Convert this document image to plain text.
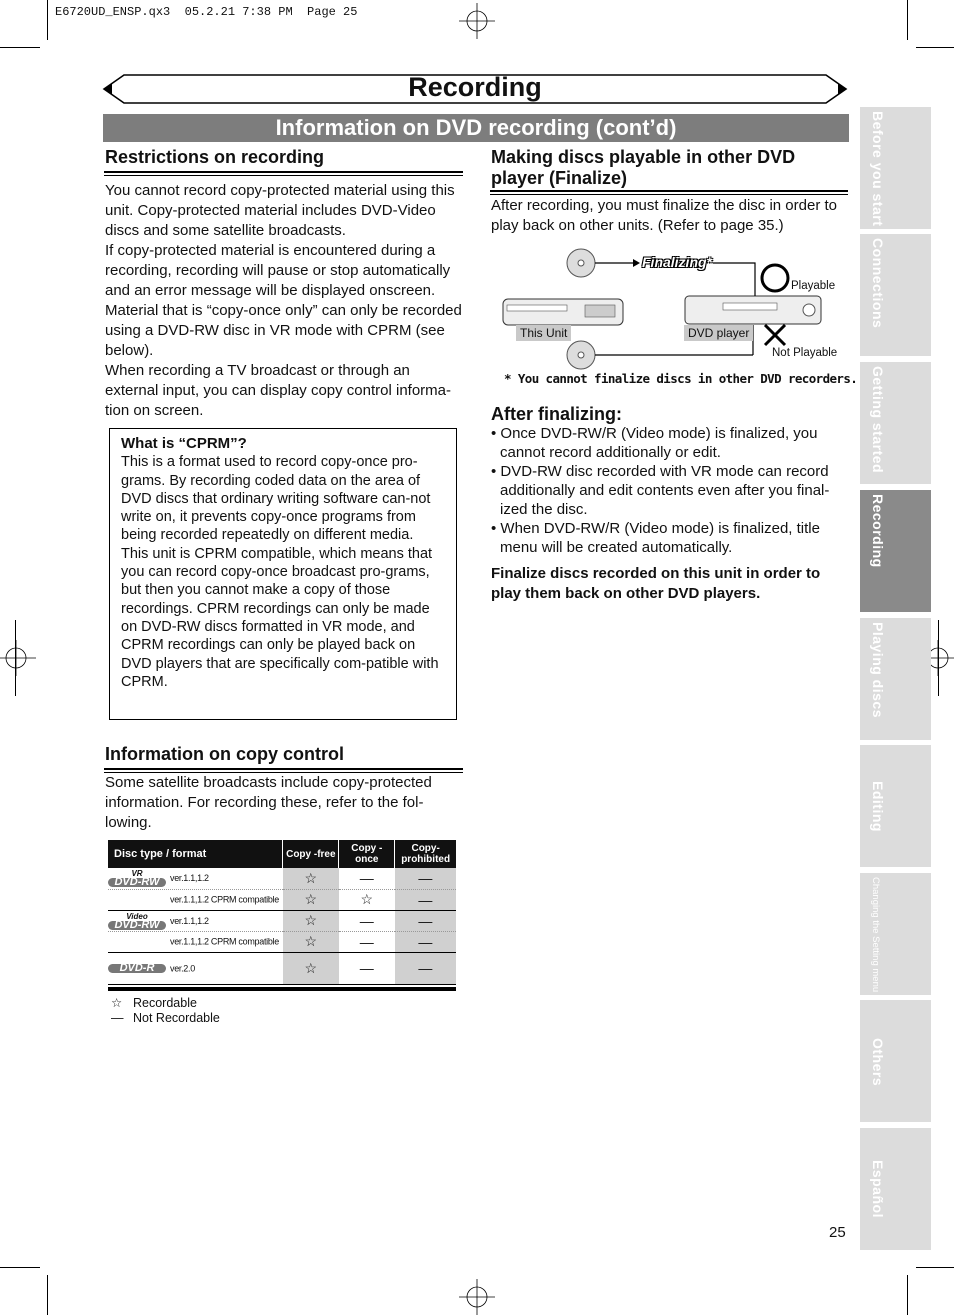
E6720UD_ENSP.qx3  05.2.21 7:38 PM  Page 25
Recording
Information on DVD recording (cont’d)
Restrictions on recording

You cannot record copy-protected material using this unit. Copy-protected material includes DVD-Video discs and some satellite broadcasts.

If copy-protected material is encountered during a recording, recording will pause or stop automatically and an error message will be displayed onscreen.

Material that is “copy-once only” can only be recorded using a DVD-RW disc in VR mode with CPRM (see below).

When recording a TV broadcast or through an external input, you can display copy control informa-tion on screen.

What is “CPRM”?
This is a format used to record copy-once pro-grams. By recording coded data on the area of DVD discs that ordinary writing software can-not write on, it prevents copy-once programs from being recorded repeatedly on different media.
This unit is CPRM compatible, which means that you can record copy-once broadcast pro-grams, but then you cannot make a copy of those recordings. CPRM recordings can only be made on DVD-RW discs formatted in VR mode, and CPRM recordings can only be played back on DVD players that are specifically com-patible with CPRM.
Information on copy control
Some satellite broadcasts include copy-protected information. For recording these, refer to the fol-lowing.
Disc type / format	Copy -free	Copy -once	Copy- prohibited

VR
DVD-RW ver.1.1,1.2	☆	—	—
ver.1.1,1.2 CPRM compatible	☆	☆	—

Video
DVD-RW ver.1.1,1.2	☆	—	—
ver.1.1,1.2 CPRM compatible	☆	—	—

DVD-R ver.2.0	☆	—	—
☆ Recordable
— Not Recordable
Making discs playable in other DVD
player (Finalize)
After recording, you must finalize the disc in order to play back on other units. (Refer to page 35.)
Finalizing*
This Unit	DVD player
Playable
Not Playable
* You cannot finalize discs in other DVD recorders.
After finalizing:
• Once DVD-RW/R (Video mode) is finalized, you cannot record additionally or edit.
• DVD-RW disc recorded with VR mode can record additionally and edit contents even after you final-ized the disc.
• When DVD-RW/R (Video mode) is finalized, title menu will be created automatically.
Finalize discs recorded on this unit in order to play them back on other DVD players.
Before you start
Connections
Getting started
Recording
Playing discs
Editing
Changing the Setting menu
Others
Español
25
